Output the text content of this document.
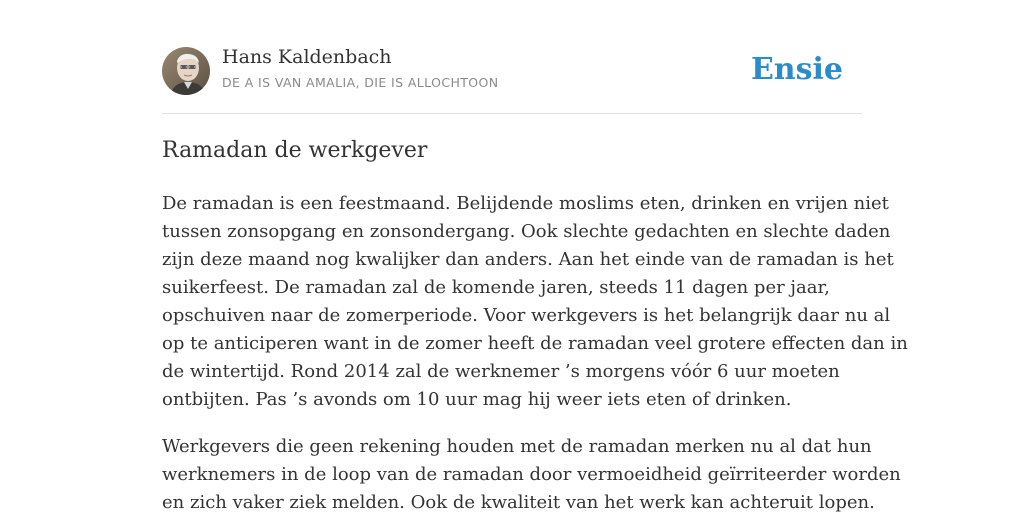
Hans Kaldenbach
DE A IS VAN AMALIA, DIE IS ALLOCHTOON	Ensie
Ramadan de werkgever

De ramadan is een feestmaand. Belijdende moslims eten, drinken en vrijen niet
tussen zonsopgang en zonsondergang. Ook slechte gedachten en slechte daden
zijn deze maand nog kwalijker dan anders. Aan het einde van de ramadan is het
suikerfeest. De ramadan zal de komende jaren, steeds 11 dagen per jaar,
opschuiven naar de zomerperiode. Voor werkgevers is het belangrijk daar nu al
op te anticiperen want in de zomer heeft de ramadan veel grotere effecten dan in
de wintertijd. Rond 2014 zal de werknemer ’s morgens vóór 6 uur moeten
ontbijten. Pas ’s avonds om 10 uur mag hij weer iets eten of drinken.

Werkgevers die geen rekening houden met de ramadan merken nu al dat hun
werknemers in de loop van de ramadan door vermoeidheid geïrriteerder worden
en zich vaker ziek melden. Ook de kwaliteit van het werk kan achteruit lopen.
